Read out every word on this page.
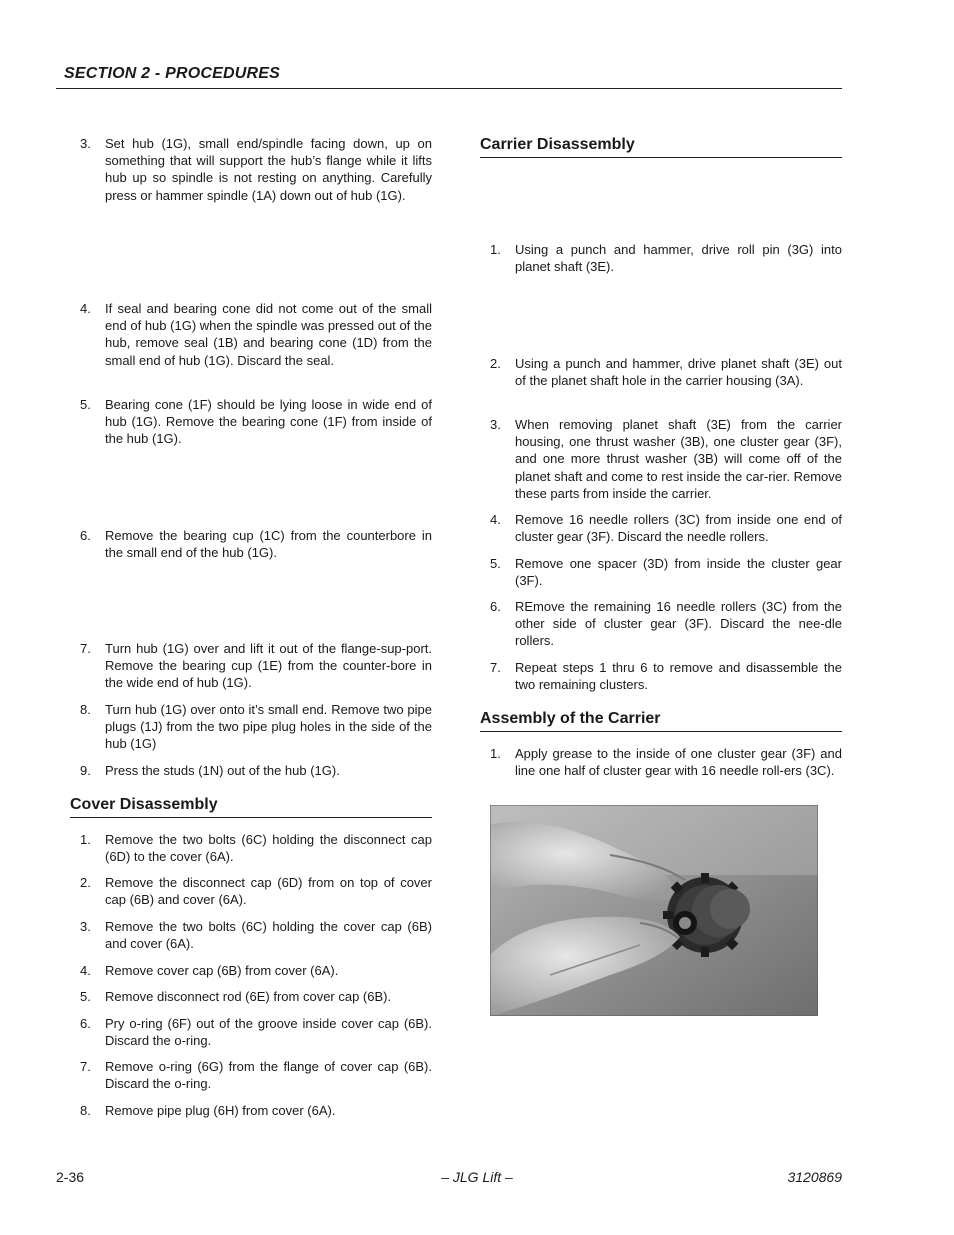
SECTION 2 - PROCEDURES
3.	Set hub (1G), small end/spindle facing down, up on something that will support the hub’s flange while it lifts hub up so spindle is not resting on anything. Carefully press or hammer spindle (1A) down out of hub (1G).
4.	If seal and bearing cone did not come out of the small end of hub (1G) when the spindle was pressed out of the hub, remove seal (1B) and bearing cone (1D) from the small end of hub (1G). Discard the seal.
5.	Bearing cone (1F) should be lying loose in wide end of hub (1G). Remove the bearing cone (1F) from inside of the hub (1G).
6.	Remove the bearing cup (1C) from the counterbore in the small end of the hub (1G).
7.	Turn hub (1G) over and lift it out of the flange-sup-port. Remove the bearing cup (1E) from the counter-bore in the wide end of hub (1G).
8.	Turn hub (1G) over onto it’s small end. Remove two pipe plugs (1J) from the two pipe plug holes in the side of the hub (1G)
9.	Press the studs (1N) out of the hub (1G).
Cover Disassembly
1.	Remove the two bolts (6C) holding the disconnect cap (6D) to the cover (6A).
2.	Remove the disconnect cap (6D) from on top of cover cap (6B) and cover (6A).
3.	Remove the two bolts (6C) holding the cover cap (6B) and cover (6A).
4.	Remove cover cap (6B) from cover (6A).
5.	Remove disconnect rod (6E) from cover cap (6B).
6.	Pry o-ring (6F) out of the groove inside cover cap (6B). Discard the o-ring.
7.	Remove o-ring (6G) from the flange of cover cap (6B). Discard the o-ring.
8.	Remove pipe plug (6H) from cover (6A).
Carrier Disassembly
1.	Using a punch and hammer, drive roll pin (3G) into planet shaft (3E).
2.	Using a punch and hammer, drive planet shaft (3E) out of the planet shaft hole in the carrier housing (3A).
3.	When removing planet shaft (3E) from the carrier housing, one thrust washer (3B), one cluster gear (3F), and one more thrust washer (3B) will come off of the planet shaft and come to rest inside the car-rier. Remove these parts from inside the carrier.
4.	Remove 16 needle rollers (3C) from inside one end of cluster gear (3F). Discard the needle rollers.
5.	Remove one spacer (3D) from inside the cluster gear (3F).
6.	REmove the remaining 16 needle rollers (3C) from the other side of cluster gear (3F). Discard the nee-dle rollers.
7.	Repeat steps 1 thru 6 to remove and disassemble the two remaining clusters.
Assembly of the Carrier
1.	Apply grease to the inside of one cluster gear (3F) and line one half of cluster gear with 16 needle roll-ers (3C).
2-36	– JLG Lift –	3120869
